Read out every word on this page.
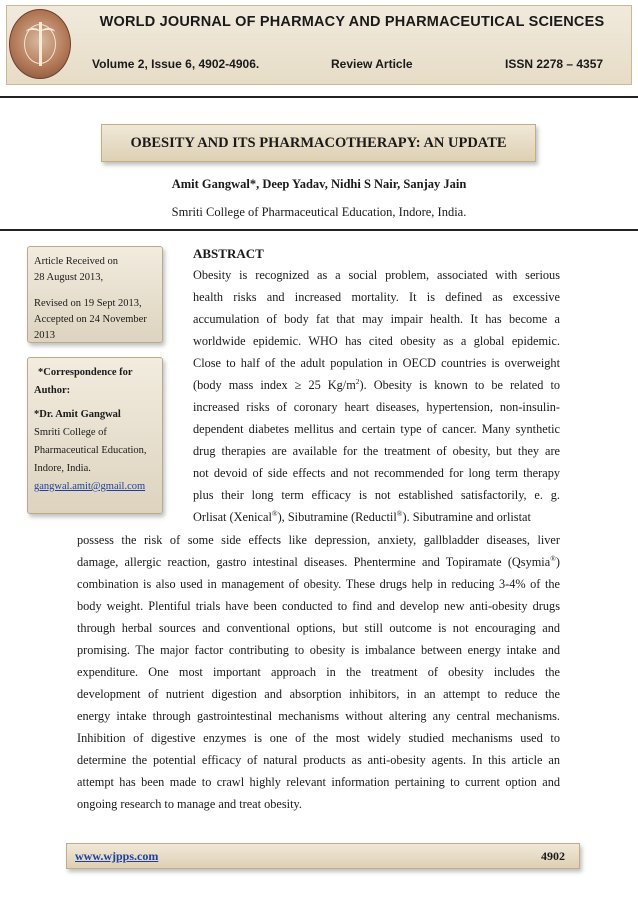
WORLD JOURNAL OF PHARMACY AND PHARMACEUTICAL SCIENCES
Volume 2, Issue 6, 4902-4906.	Review Article	ISSN 2278 – 4357
OBESITY AND ITS PHARMACOTHERAPY: AN UPDATE
Amit Gangwal*, Deep Yadav, Nidhi S Nair, Sanjay Jain
Smriti College of Pharmaceutical Education, Indore, India.
Article Received on
28 August 2013,
Revised on 19 Sept 2013,
Accepted on 24 November
2013
*Correspondence for
Author:
*Dr. Amit Gangwal
Smriti College of
Pharmaceutical Education,
Indore, India.
gangwal.amit@gmail.com
ABSTRACT
Obesity is recognized as a social problem, associated with serious
health risks and increased mortality. It is defined as excessive
accumulation of body fat that may impair health. It has become a
worldwide epidemic. WHO has cited obesity as a global epidemic.
Close to half of the adult population in OECD countries is overweight
(body mass index ≥ 25 $Kg/m^2$). Obesity is known to be related to
increased risks of coronary heart diseases, hypertension, non-insulin-
dependent diabetes mellitus and certain type of cancer. Many synthetic
drug therapies are available for the treatment of obesity, but they are
not devoid of side effects and not recommended for long term therapy
plus their long term efficacy is not established satisfactorily, e. g.
Orlisat (Xenical®), Sibutramine (Reductil®). Sibutramine and orlistat
possess the risk of some side effects like depression, anxiety, gallbladder diseases, liver
damage, allergic reaction, gastro intestinal diseases. Phentermine and Topiramate (Qsymia®)
combination is also used in management of obesity. These drugs help in reducing 3-4% of the
body weight. Plentiful trials have been conducted to find and develop new anti-obesity drugs
through herbal sources and conventional options, but still outcome is not encouraging and
promising. The major factor contributing to obesity is imbalance between energy intake and
expenditure. One most important approach in the treatment of obesity includes the
development of nutrient digestion and absorption inhibitors, in an attempt to reduce the
energy intake through gastrointestinal mechanisms without altering any central mechanisms.
Inhibition of digestive enzymes is one of the most widely studied mechanisms used to
determine the potential efficacy of natural products as anti-obesity agents. In this article an
attempt has been made to crawl highly relevant information pertaining to current option and
ongoing research to manage and treat obesity.
www.wjpps.com	4902
